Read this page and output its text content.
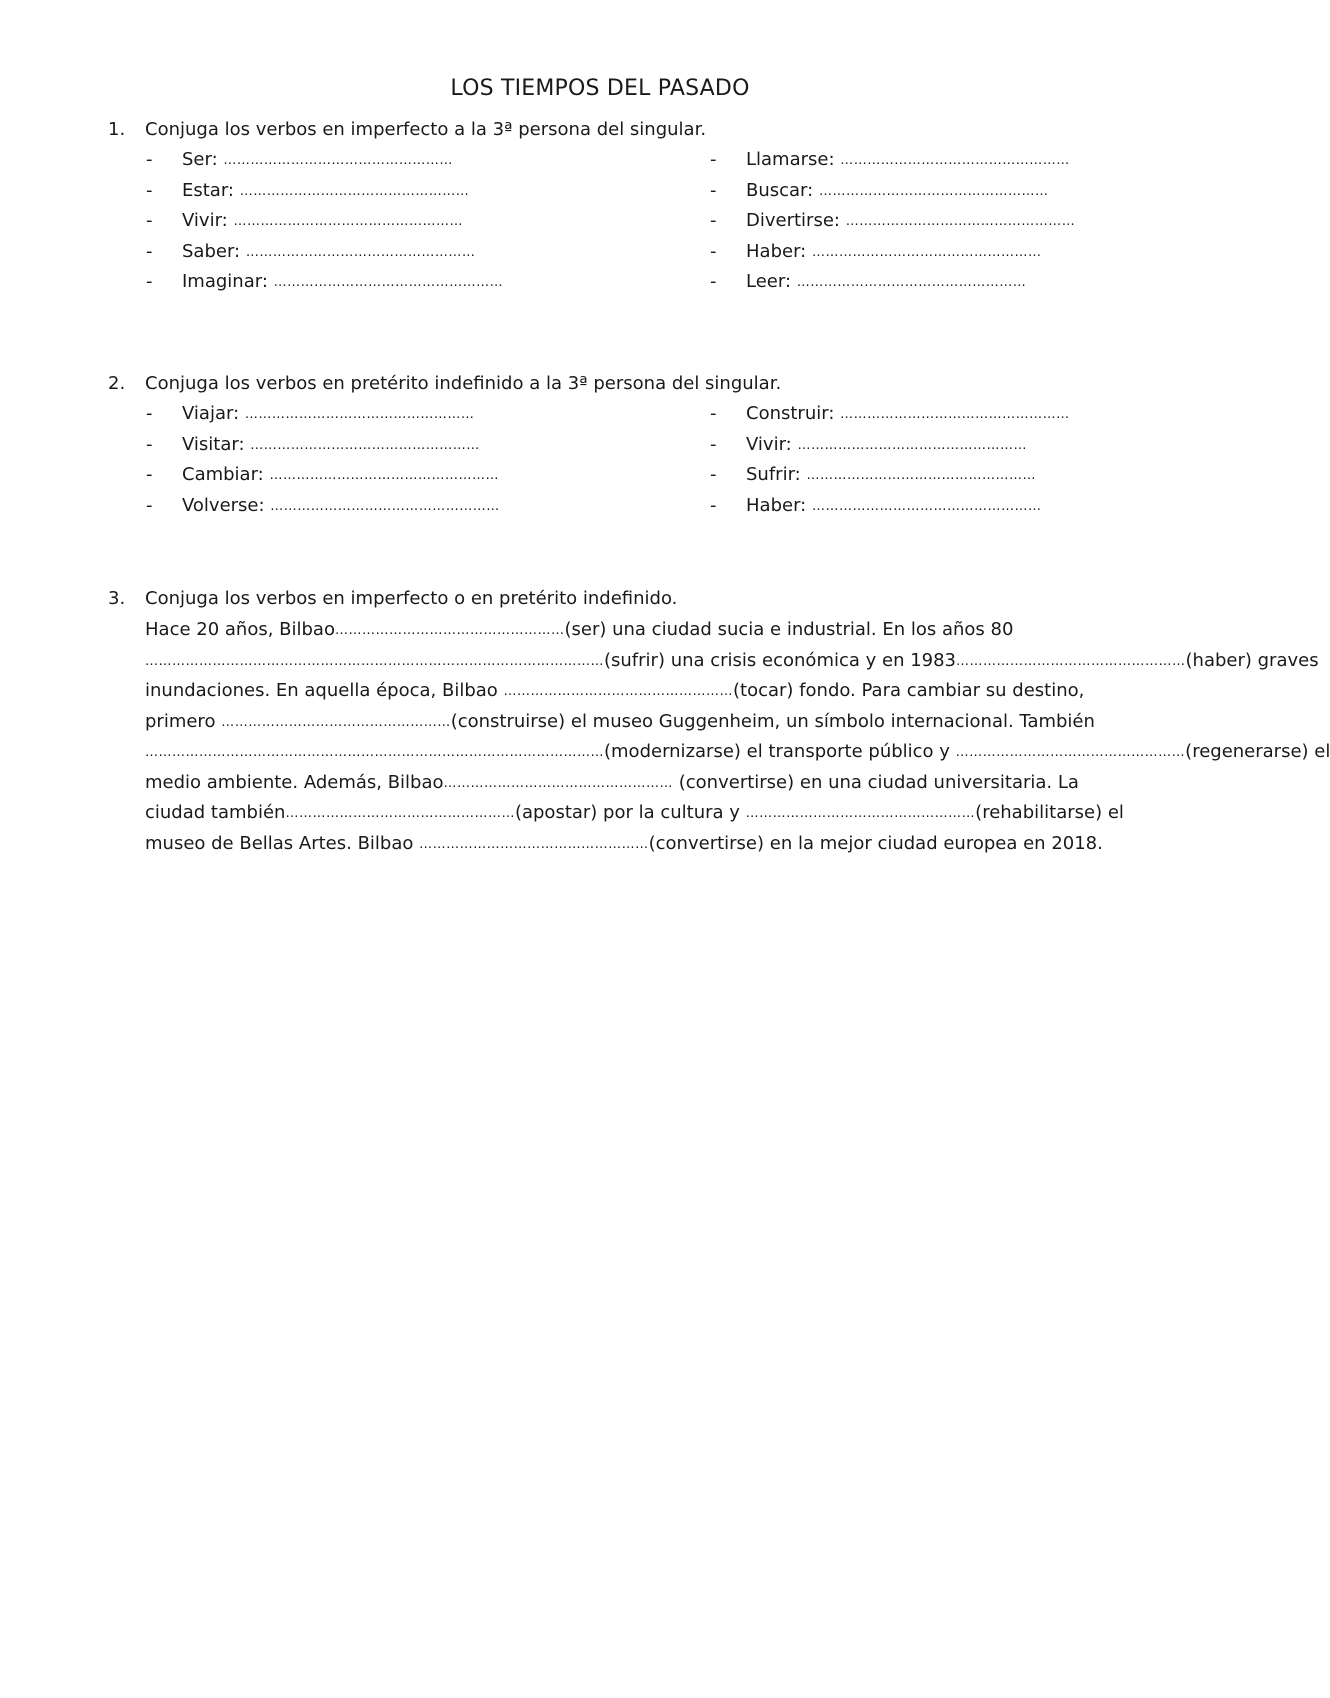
LOS TIEMPOS DEL PASADO
1. Conjuga los verbos en imperfecto a la 3ª persona del singular.
- Ser: ……………………………………………	- Llamarse: ……………………………………………
- Estar: ……………………………………………	- Buscar: ……………………………………………
- Vivir: ……………………………………………	- Divertirse: ……………………………………………
- Saber: ……………………………………………	- Haber: ……………………………………………
- Imaginar: ……………………………………………	- Leer: ……………………………………………
2. Conjuga los verbos en pretérito indefinido a la 3ª persona del singular.
- Viajar: ……………………………………………	- Construir: ……………………………………………
- Visitar: ……………………………………………	- Vivir: ……………………………………………
- Cambiar: ……………………………………………	- Sufrir: ……………………………………………
- Volverse: ……………………………………………	- Haber: ……………………………………………
3. Conjuga los verbos en imperfecto o en pretérito indefinido.
Hace 20 años, Bilbao……………………………………………(ser) una ciudad sucia e industrial. En los años 80
…………………………………………………………………………………………(sufrir) una crisis económica y en 1983……………………………………………(haber) graves
inundaciones. En aquella época, Bilbao ……………………………………………(tocar) fondo. Para cambiar su destino,
primero ……………………………………………(construirse) el museo Guggenheim, un símbolo internacional. También
…………………………………………………………………………………………(modernizarse) el transporte público y ……………………………………………(regenerarse) el
medio ambiente. Además, Bilbao…………………………………………… (convertirse) en una ciudad universitaria. La
ciudad también……………………………………………(apostar) por la cultura y ……………………………………………(rehabilitarse) el
museo de Bellas Artes. Bilbao ……………………………………………(convertirse) en la mejor ciudad europea en 2018.
